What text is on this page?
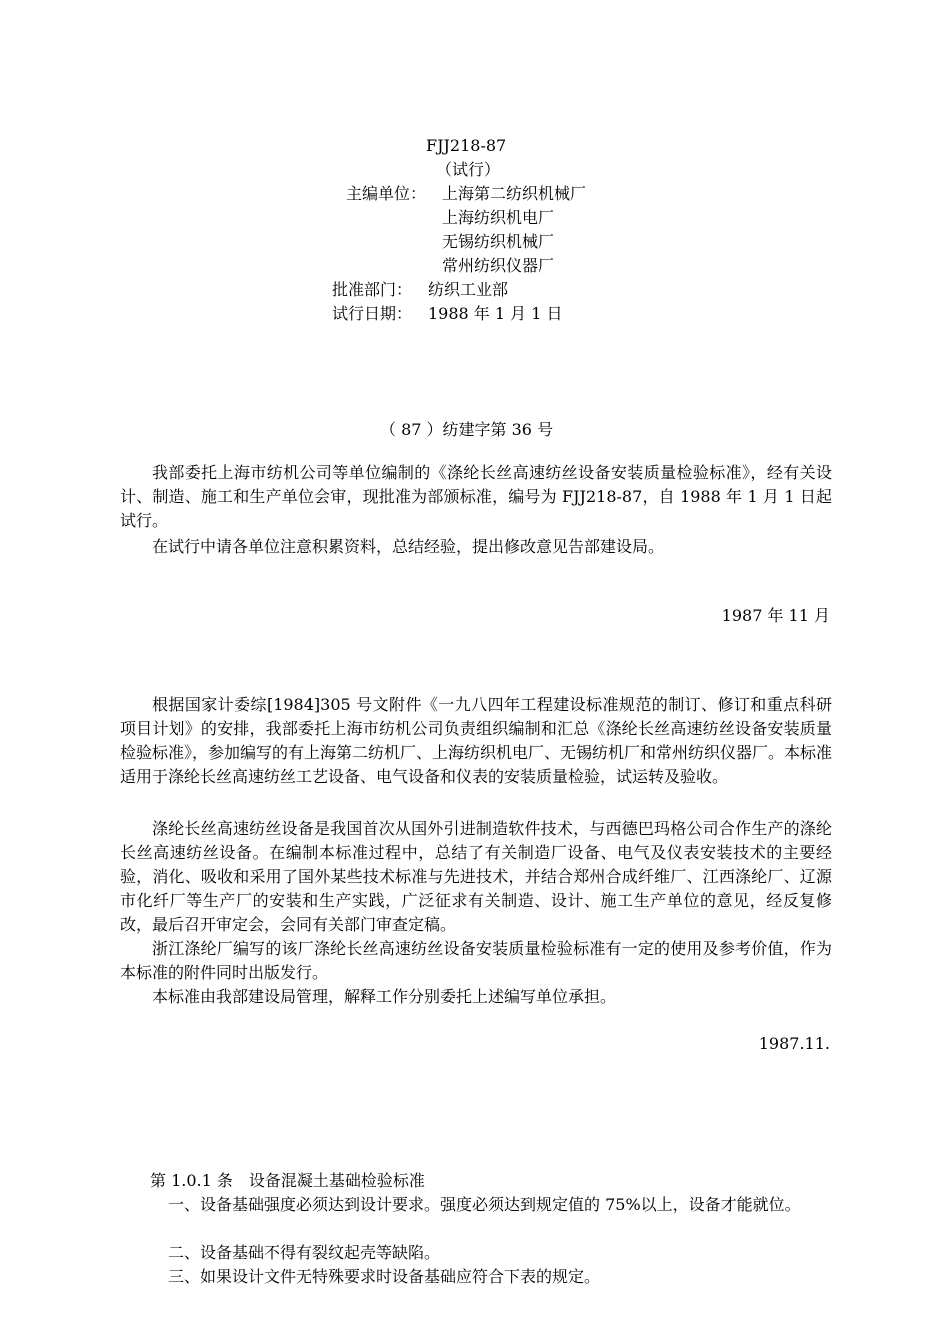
FJJ218-87
（试行）
主编单位： 上海第二纺织机械厂
上海纺织机电厂
无锡纺织机械厂
常州纺织仪器厂
批准部门： 纺织工业部
试行日期： 1988 年 1 月 1 日
（ 87 ）纺建字第 36 号
我部委托上海市纺机公司等单位编制的《涤纶长丝高速纺丝设备安装质量检验标准》，经有关设计、制造、施工和生产单位会审，现批准为部颁标准，编号为 FJJ218-87，自 1988 年 1 月 1 日起试行。
在试行中请各单位注意积累资料，总结经验，提出修改意见告部建设局。
1987 年 11 月
根据国家计委综[1984]305 号文附件《一九八四年工程建设标准规范的制订、修订和重点科研项目计划》的安排，我部委托上海市纺机公司负责组织编制和汇总《涤纶长丝高速纺丝设备安装质量检验标准》，参加编写的有上海第二纺机厂、上海纺织机电厂、无锡纺机厂和常州纺织仪器厂。本标准适用于涤纶长丝高速纺丝工艺设备、电气设备和仪表的安装质量检验，试运转及验收。
涤纶长丝高速纺丝设备是我国首次从国外引进制造软件技术，与西德巴玛格公司合作生产的涤纶长丝高速纺丝设备。在编制本标准过程中，总结了有关制造厂设备、电气及仪表安装技术的主要经验，消化、吸收和采用了国外某些技术标准与先进技术，并结合郑州合成纤维厂、江西涤纶厂、辽源市化纤厂等生产厂的安装和生产实践，广泛征求有关制造、设计、施工生产单位的意见，经反复修改，最后召开审定会，会同有关部门审查定稿。
浙江涤纶厂编写的该厂涤纶长丝高速纺丝设备安装质量检验标准有一定的使用及参考价值，作为本标准的附件同时出版发行。
本标准由我部建设局管理，解释工作分别委托上述编写单位承担。
1987.11.
第 1.0.1 条　设备混凝土基础检验标准
一、设备基础强度必须达到设计要求。强度必须达到规定值的 75%以上，设备才能就位。
二、设备基础不得有裂纹起壳等缺陷。
三、如果设计文件无特殊要求时设备基础应符合下表的规定。
